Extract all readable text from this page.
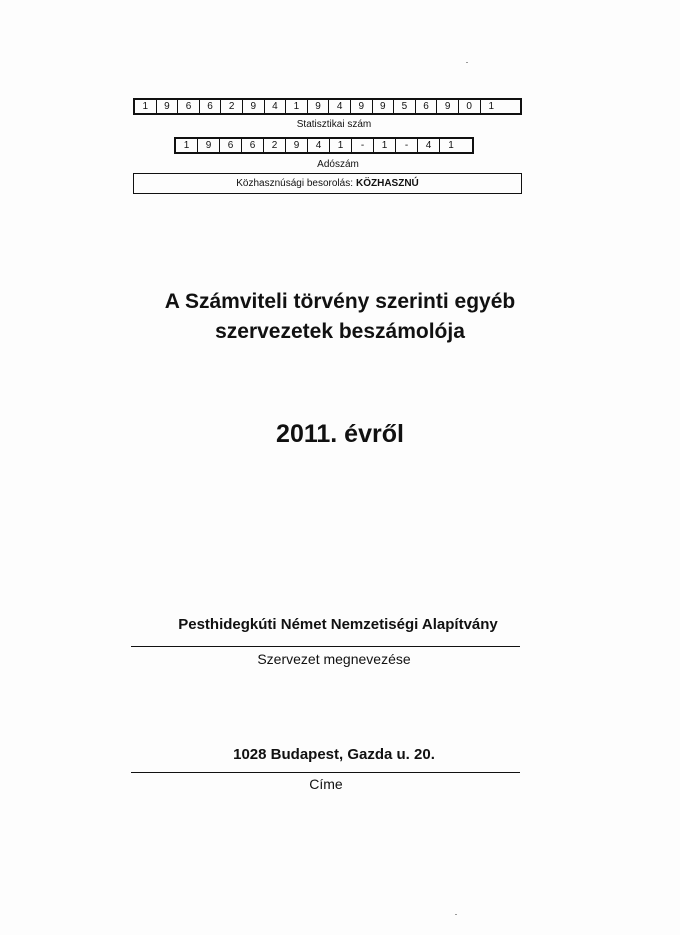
1	9	6	6	2	9	4	1	9	4	9	9	5	6	9	0	1
Statisztikai szám
1	9	6	6	2	9	4	1	-	1	-	4	1
Adószám
Közhasznúsági besorolás: KÖZHASZNÚ
A Számviteli törvény szerinti egyéb
szervezetek beszámolója
2011. évről
Pesthidegkúti Német Nemzetiségi Alapítvány
Szervezet megnevezése
1028 Budapest, Gazda u. 20.
Címe
